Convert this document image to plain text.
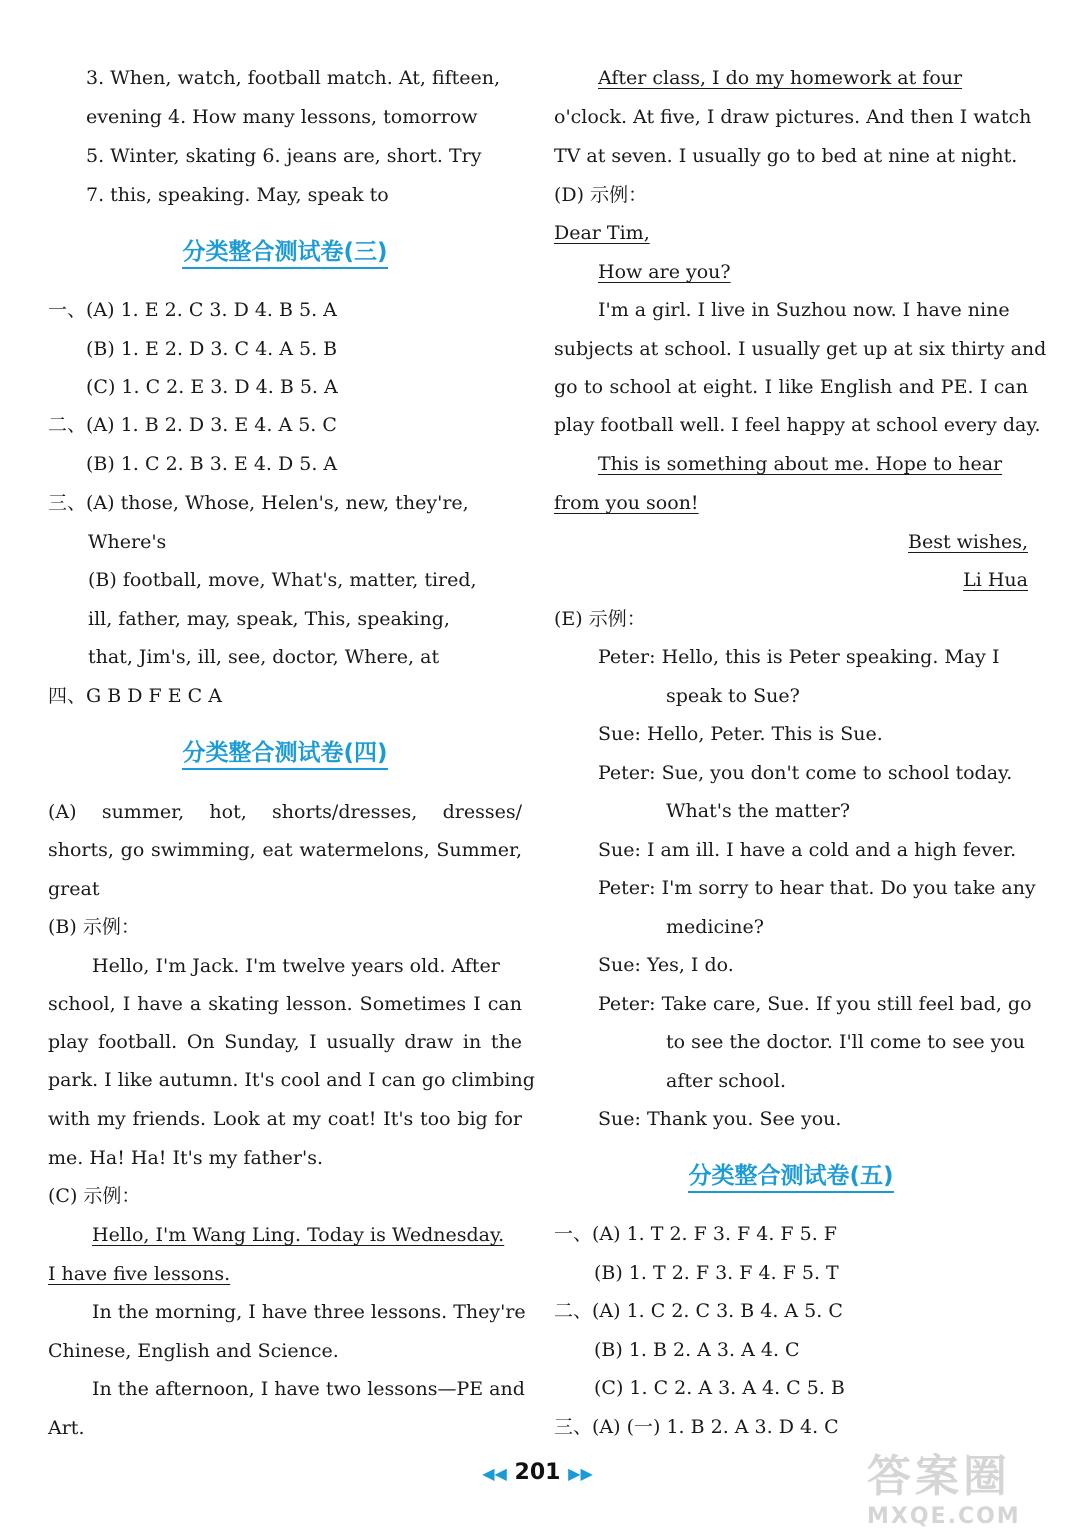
3. When, watch, football match. At, fifteen,
evening 4. How many lessons, tomorrow
5. Winter, skating 6. jeans are, short. Try
7. this, speaking. May, speak to
分类整合测试卷(三)
一、(A) 1. E 2. C 3. D 4. B 5. A
(B) 1. E 2. D 3. C 4. A 5. B
(C) 1. C 2. E 3. D 4. B 5. A
二、(A) 1. B 2. D 3. E 4. A 5. C
(B) 1. C 2. B 3. E 4. D 5. A
三、(A) those, Whose, Helen's, new, they're,
Where's
(B) football, move, What's, matter, tired,
ill, father, may, speak, This, speaking,
that, Jim's, ill, see, doctor, Where, at
四、G B D F E C A
分类整合测试卷(四)
(A) summer, hot, shorts/dresses, dresses/
shorts, go swimming, eat watermelons, Summer,
great
(B) 示例：
Hello, I'm Jack. I'm twelve years old. After
school, I have a skating lesson. Sometimes I can
play football. On Sunday, I usually draw in the
park. I like autumn. It's cool and I can go climbing
with my friends. Look at my coat! It's too big for
me. Ha! Ha! It's my father's.
(C) 示例：
Hello, I'm Wang Ling. Today is Wednesday.
I have five lessons.
In the morning, I have three lessons. They're
Chinese, English and Science.
In the afternoon, I have two lessons—PE and
Art.
After class, I do my homework at four
o'clock. At five, I draw pictures. And then I watch
TV at seven. I usually go to bed at nine at night.
(D) 示例：
Dear Tim,
How are you?
I'm a girl. I live in Suzhou now. I have nine
subjects at school. I usually get up at six thirty and
go to school at eight. I like English and PE. I can
play football well. I feel happy at school every day.
This is something about me. Hope to hear
from you soon!
Best wishes,
Li Hua
(E) 示例：
Peter: Hello, this is Peter speaking. May I
speak to Sue?
Sue: Hello, Peter. This is Sue.
Peter: Sue, you don't come to school today.
What's the matter?
Sue: I am ill. I have a cold and a high fever.
Peter: I'm sorry to hear that. Do you take any
medicine?
Sue: Yes, I do.
Peter: Take care, Sue. If you still feel bad, go
to see the doctor. I'll come to see you
after school.
Sue: Thank you. See you.
分类整合测试卷(五)
一、(A) 1. T 2. F 3. F 4. F 5. F
(B) 1. T 2. F 3. F 4. F 5. T
二、(A) 1. C 2. C 3. B 4. A 5. C
(B) 1. B 2. A 3. A 4. C
(C) 1. C 2. A 3. A 4. C 5. B
三、(A) (一) 1. B 2. A 3. D 4. C
◀◀ 201 ▶▶	答案圈
MXQE.COM
